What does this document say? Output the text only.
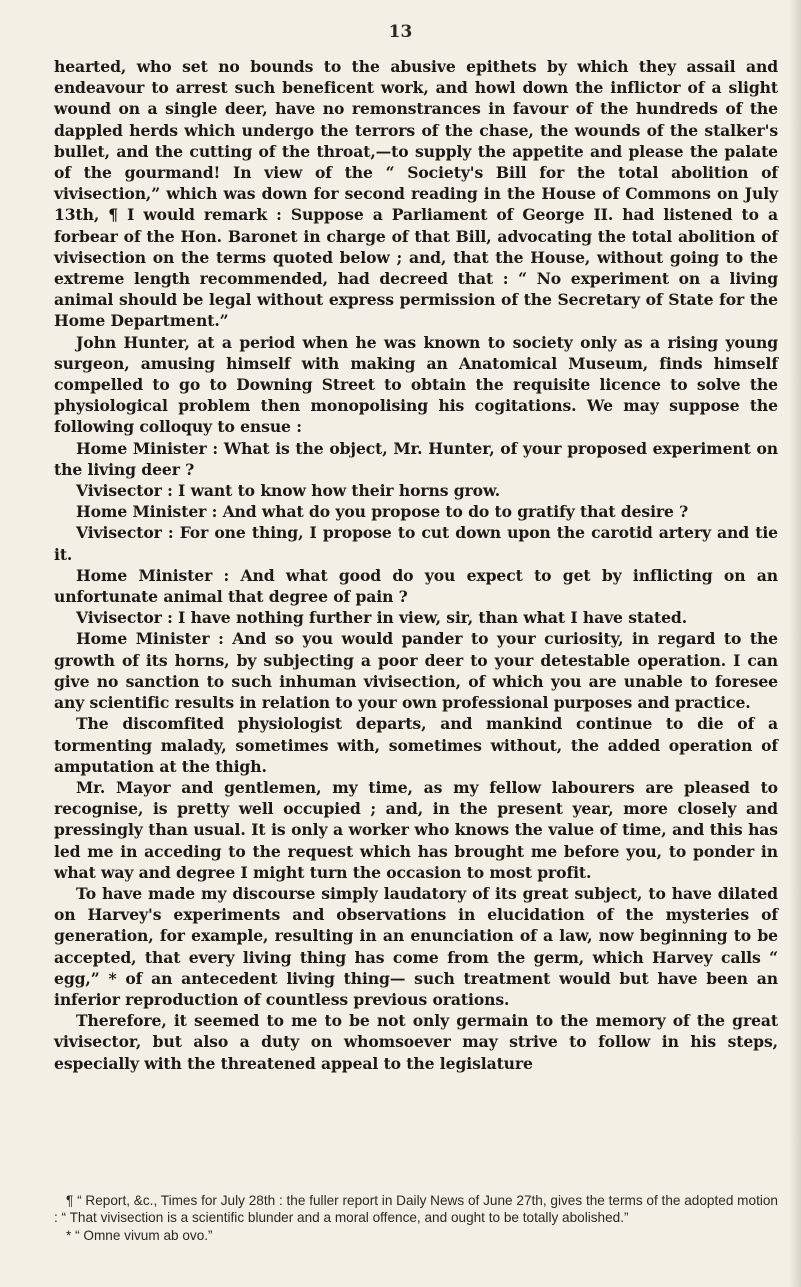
13

hearted, who set no bounds to the abusive epithets by which they assail and endeavour to arrest such beneficent work, and howl down the inflictor of a slight wound on a single deer, have no remonstrances in favour of the hundreds of the dappled herds which undergo the terrors of the chase, the wounds of the stalker's bullet, and the cutting of the throat,—to supply the appetite and please the palate of the gourmand! In view of the “ Society's Bill for the total abolition of vivisection,” which was down for second reading in the House of Commons on July 13th, ¶ I would remark : Suppose a Parliament of George II. had listened to a forbear of the Hon. Baronet in charge of that Bill, advocating the total abolition of vivisection on the terms quoted below ; and, that the House, without going to the extreme length recommended, had decreed that : “ No experiment on a living animal should be legal without express permission of the Secretary of State for the Home Department.”

John Hunter, at a period when he was known to society only as a rising young surgeon, amusing himself with making an Anatomical Museum, finds himself compelled to go to Downing Street to obtain the requisite licence to solve the physiological problem then monopolising his cogitations. We may suppose the following colloquy to ensue :

Home Minister : What is the object, Mr. Hunter, of your proposed experiment on the living deer ?

Vivisector : I want to know how their horns grow.

Home Minister : And what do you propose to do to gratify that desire ?

Vivisector : For one thing, I propose to cut down upon the carotid artery and tie it.

Home Minister : And what good do you expect to get by inflicting on an unfortunate animal that degree of pain ?

Vivisector : I have nothing further in view, sir, than what I have stated.

Home Minister : And so you would pander to your curiosity, in regard to the growth of its horns, by subjecting a poor deer to your detestable operation. I can give no sanction to such inhuman vivisection, of which you are unable to foresee any scientific results in relation to your own professional purposes and practice.

The discomfited physiologist departs, and mankind continue to die of a tormenting malady, sometimes with, sometimes without, the added operation of amputation at the thigh.

Mr. Mayor and gentlemen, my time, as my fellow labourers are pleased to recognise, is pretty well occupied ; and, in the present year, more closely and pressingly than usual. It is only a worker who knows the value of time, and this has led me in acceding to the request which has brought me before you, to ponder in what way and degree I might turn the occasion to most profit.

To have made my discourse simply laudatory of its great subject, to have dilated on Harvey's experiments and observations in elucidation of the mysteries of generation, for example, resulting in an enunciation of a law, now beginning to be accepted, that every living thing has come from the germ, which Harvey calls “ egg,” * of an antecedent living thing— such treatment would but have been an inferior reproduction of countless previous orations.

Therefore, it seemed to me to be not only germain to the memory of the great vivisector, but also a duty on whomsoever may strive to follow in his steps, especially with the threatened appeal to the legislature

¶ “ Report, &c., Times for July 28th : the fuller report in Daily News of June 27th, gives the terms of the adopted motion : “ That vivisection is a scientific blunder and a moral offence, and ought to be totally abolished.”

* “ Omne vivum ab ovo.”
